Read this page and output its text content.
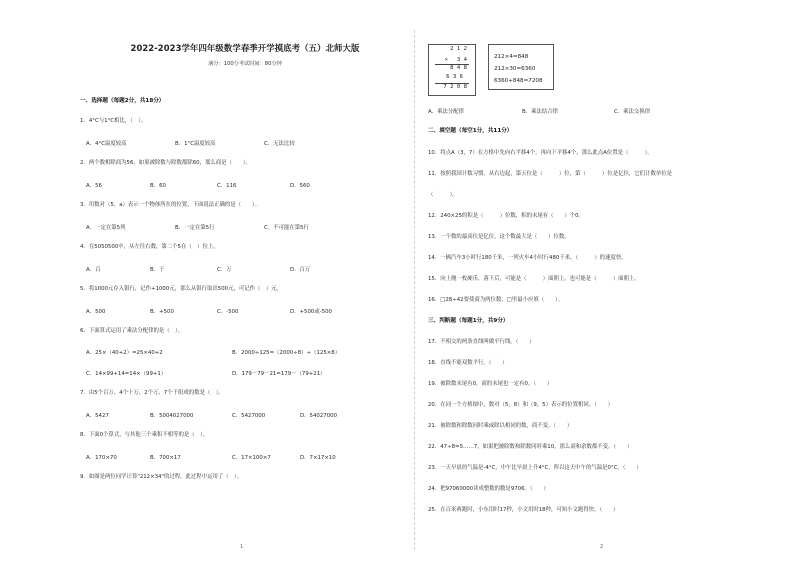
2022-2023学年四年级数学春季开学摸底考（五）北师大版
满分：100分考试时间：80分钟
一、选择题（每题2分，共18分）
1．4°C与1°C相比，（　）。
A．4°C温度较高	B．1°C温度较高	C．无法比较
2．两个数相除商为56，如果被除数与除数都除60，那么商是（　　）。
A．56	B．60	C．116	D．560
3．用数对（5，a）表示一个物体所在的位置，下面说法正确的是（　　）。
A．一定在第5列	B．一定在第5行	C．不可能在第5行
4．在5050500中，从左往右数，第二个5在（　）位上。
A．百	B．千	C．万	D．百万
5．将1000元存入银行，记作+1000元，那么从银行取出500元，可记作（　）元。
A．500	B．+500	C．-500	D．+500或-500
6．下面算式运用了乘法分配律的是（　）。
A．25×（40+2）=25×40+2	B．2000÷125=（2000÷8）÷（125×8）
C．14×99+14=14×（99+1）	D．179－79－21=179－（79+21）
7．由5个百万、4个十万、2个万、7个千组成的数是（　）。
A．5427	B．5004027000	C．5427000	D．54027000
8．下面0个算式，与其他三个乘积不相等的是（　）。
A．170×70	B．700×17	C．17×100×7	D．7×17×10
9．如图是两位同学计算"212×34"的过程，此过程中运用了（　）。
2 1 2
×　 3 4
8 4 8
6 3 6
7 2 0 8
212×4=848
212×30=6360
6360+848=7208
A．乘法分配律	B．乘法结合律	C．乘法交换律
二、填空题（每空1分，共11分）
10．将点A（3，7）在方格中先向右平移4个，再向下平移4个，那么此点A位置是（　　　）。
11．按照我国计数习惯，从右边起，第五位是（　　　）位，第（　　　）位是亿位，它们计数单位是
（　　　）。
12．240×25的积是（　　　）位数，积的末尾有（　　）个0。
13．一个数的最高位是亿位，这个数最大是（　　）位数。
14．一辆汽车3小时行180千米，一列火车4小时行480千米，（　　　）的速度快。
15．向上抛一枚硬币，落下后，可能是（　　　）面朝上，也可能是（　　　）面朝上。
16．□28÷42要使商为两位数，□里最小应填（　　）。
三、判断题（每题1分，共9分）
17．不相交的两条直线叫做平行线。（　　）
18．直线不能双数平行。（　　）
19．被除数末尾有0，商的末尾也一定有0。（　　）
20．在同一个方格图中，数对（5，8）和（9，5）表示的位置相同。（　　）
21．被除数和除数同时乘或除以相同的数，商不变。（　　）
22．47÷8=5……7，如果把被除数和除数同时乘10，那么商和余数都不变。（　　）
23．一天早晨的气温是-4°C，中午比早晨上升4°C，所以这天中午的气温是0°C。（　　）
24．把97060000读成整数的数是9706。（　　）
25．在百米赛跑时，小东用时17秒，小文用时18秒，可知小文跑得快。（　　）
1	2
